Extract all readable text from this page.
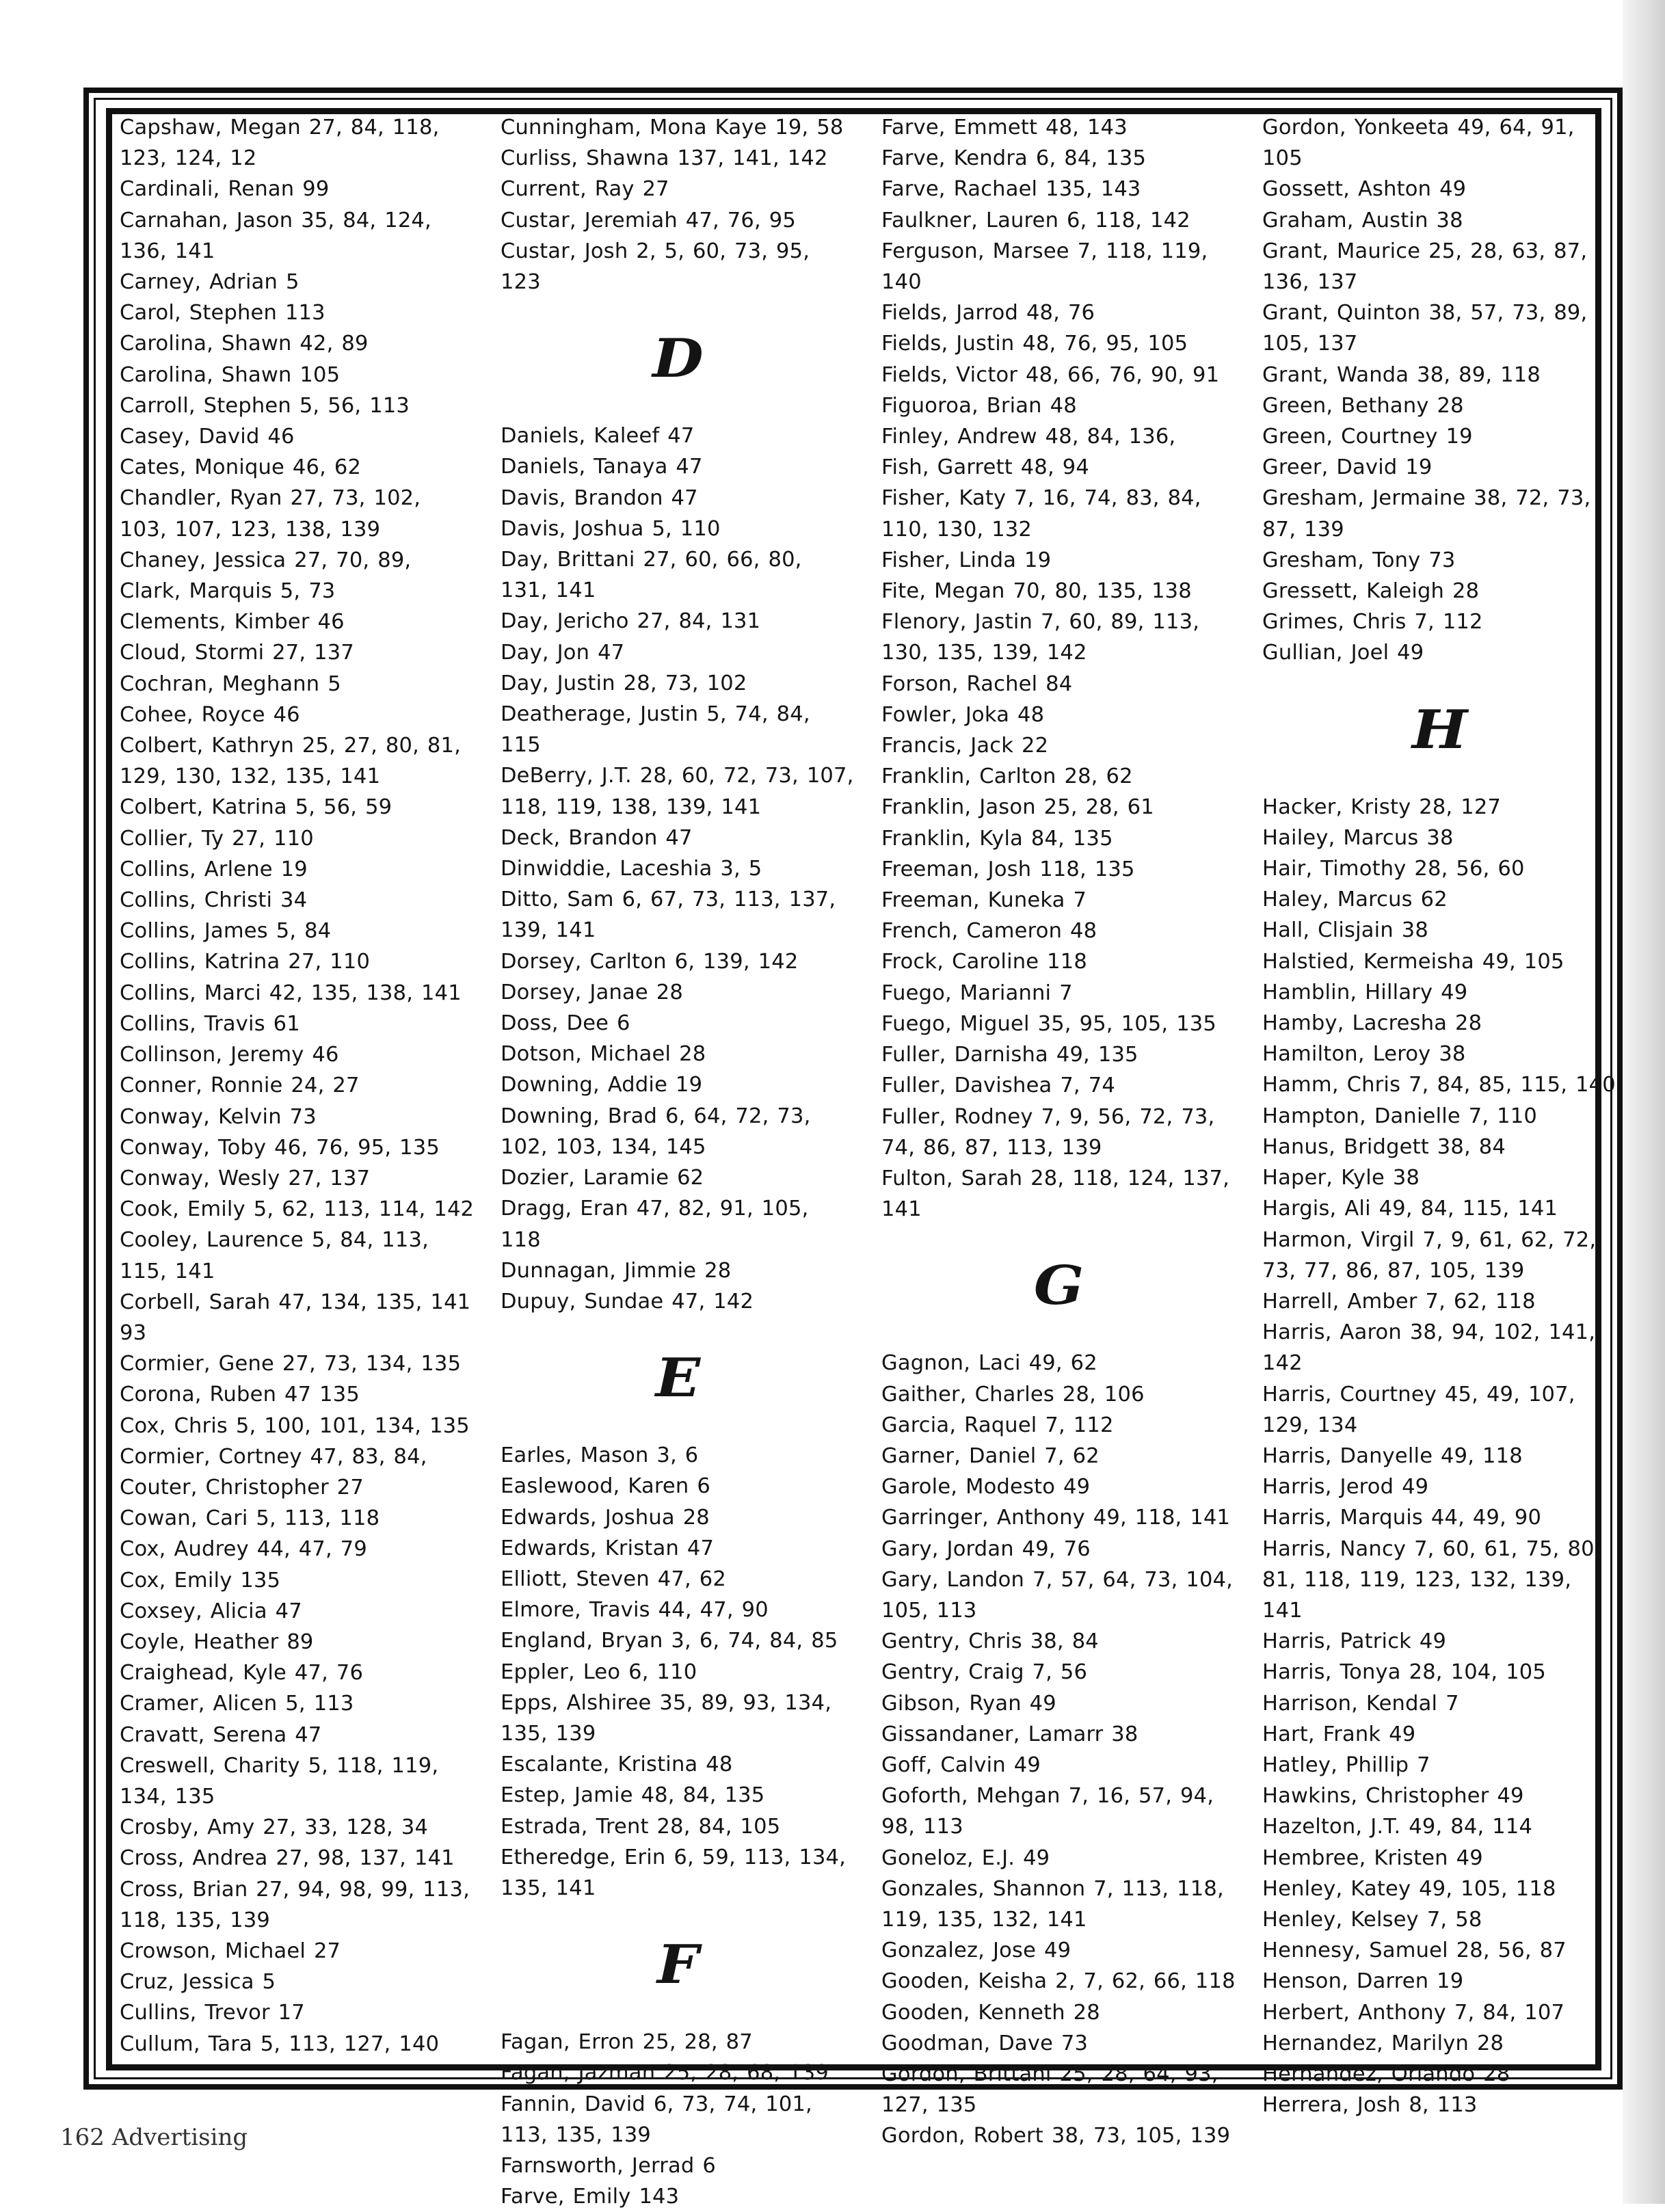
Capshaw, Megan 27, 84, 118, 123, 124, 12
Cardinali, Renan 99
Carnahan, Jason 35, 84, 124, 136, 141
Carney, Adrian 5
Carol, Stephen 113
Carolina, Shawn 42, 89
Carolina, Shawn 105
Carroll, Stephen 5, 56, 113
Casey, David 46
Cates, Monique 46, 62
Chandler, Ryan 27, 73, 102, 103, 107, 123, 138, 139
Chaney, Jessica 27, 70, 89,
Clark, Marquis 5, 73
Clements, Kimber 46
Cloud, Stormi 27, 137
Cochran, Meghann 5
Cohee, Royce 46
Colbert, Kathryn 25, 27, 80, 81, 129, 130, 132, 135, 141
Colbert, Katrina 5, 56, 59
Collier, Ty 27, 110
Collins, Arlene 19
Collins, Christi 34
Collins, James 5, 84
Collins, Katrina 27, 110
Collins, Marci 42, 135, 138, 141
Collins, Travis 61
Collinson, Jeremy 46
Conner, Ronnie 24, 27
Conway, Kelvin 73
Conway, Toby 46, 76, 95, 135
Conway, Wesly 27, 137
Cook, Emily 5, 62, 113, 114, 142
Cooley, Laurence 5, 84, 113, 115, 141
Corbell, Sarah 47, 134, 135, 141 93
Cormier, Gene 27, 73, 134, 135
Corona, Ruben 47 135
Cox, Chris 5, 100, 101, 134, 135
Cormier, Cortney 47, 83, 84,
Couter, Christopher 27
Cowan, Cari 5, 113, 118
Cox, Audrey 44, 47, 79
Cox, Emily 135
Coxsey, Alicia 47
Coyle, Heather 89
Craighead, Kyle 47, 76
Cramer, Alicen 5, 113
Cravatt, Serena 47
Creswell, Charity 5, 118, 119, 134, 135
Crosby, Amy 27, 33, 128, 34
Cross, Andrea 27, 98, 137, 141
Cross, Brian 27, 94, 98, 99, 113, 118, 135, 139
Crowson, Michael 27
Cruz, Jessica 5
Cullins, Trevor 17
Cullum, Tara 5, 113, 127, 140
Cunningham, Mona Kaye 19, 58
Curliss, Shawna 137, 141, 142
Current, Ray 27
Custar, Jeremiah 47, 76, 95
Custar, Josh 2, 5, 60, 73, 95, 123
D
Daniels, Kaleef 47
Daniels, Tanaya 47
Davis, Brandon 47
Davis, Joshua 5, 110
Day, Brittani 27, 60, 66, 80, 131, 141
Day, Jericho 27, 84, 131
Day, Jon 47
Day, Justin 28, 73, 102
Deatherage, Justin 5, 74, 84, 115
DeBerry, J.T. 28, 60, 72, 73, 107, 118, 119, 138, 139, 141
Deck, Brandon 47
Dinwiddie, Laceshia 3, 5
Ditto, Sam 6, 67, 73, 113, 137, 139, 141
Dorsey, Carlton 6, 139, 142
Dorsey, Janae 28
Doss, Dee 6
Dotson, Michael 28
Downing, Addie 19
Downing, Brad 6, 64, 72, 73, 102, 103, 134, 145
Dozier, Laramie 62
Dragg, Eran 47, 82, 91, 105, 118
Dunnagan, Jimmie 28
Dupuy, Sundae 47, 142
E
Earles, Mason 3, 6
Easlewood, Karen 6
Edwards, Joshua 28
Edwards, Kristan 47
Elliott, Steven 47, 62
Elmore, Travis 44, 47, 90
England, Bryan 3, 6, 74, 84, 85
Eppler, Leo 6, 110
Epps, Alshiree 35, 89, 93, 134, 135, 139
Escalante, Kristina 48
Estep, Jamie 48, 84, 135
Estrada, Trent 28, 84, 105
Etheredge, Erin 6, 59, 113, 134, 135, 141
F
Fagan, Erron 25, 28, 87
Fagan, Jazman 25, 28, 68, 139
Fannin, David 6, 73, 74, 101, 113, 135, 139
Farnsworth, Jerrad 6
Farve, Emily 143
Farve, Emmett 48, 143
Farve, Kendra 6, 84, 135
Farve, Rachael 135, 143
Faulkner, Lauren 6, 118, 142
Ferguson, Marsee 7, 118, 119, 140
Fields, Jarrod 48, 76
Fields, Justin 48, 76, 95, 105
Fields, Victor 48, 66, 76, 90, 91
Figuoroa, Brian 48
Finley, Andrew 48, 84, 136,
Fish, Garrett 48, 94
Fisher, Katy 7, 16, 74, 83, 84, 110, 130, 132
Fisher, Linda 19
Fite, Megan 70, 80, 135, 138
Flenory, Jastin 7, 60, 89, 113, 130, 135, 139, 142
Forson, Rachel 84
Fowler, Joka 48
Francis, Jack 22
Franklin, Carlton 28, 62
Franklin, Jason 25, 28, 61
Franklin, Kyla 84, 135
Freeman, Josh 118, 135
Freeman, Kuneka 7
French, Cameron 48
Frock, Caroline 118
Fuego, Marianni 7
Fuego, Miguel 35, 95, 105, 135
Fuller, Darnisha 49, 135
Fuller, Davishea 7, 74
Fuller, Rodney 7, 9, 56, 72, 73, 74, 86, 87, 113, 139
Fulton, Sarah 28, 118, 124, 137, 141
G
Gagnon, Laci 49, 62
Gaither, Charles 28, 106
Garcia, Raquel 7, 112
Garner, Daniel 7, 62
Garole, Modesto 49
Garringer, Anthony 49, 118, 141
Gary, Jordan 49, 76
Gary, Landon 7, 57, 64, 73, 104, 105, 113
Gentry, Chris 38, 84
Gentry, Craig 7, 56
Gibson, Ryan 49
Gissandaner, Lamarr 38
Goff, Calvin 49
Goforth, Mehgan 7, 16, 57, 94, 98, 113
Goneloz, E.J. 49
Gonzales, Shannon 7, 113, 118, 119, 135, 132, 141
Gonzalez, Jose 49
Gooden, Keisha 2, 7, 62, 66, 118
Gooden, Kenneth 28
Goodman, Dave 73
Gordon, Brittani 25, 28, 64, 93, 127, 135
Gordon, Robert 38, 73, 105, 139
Gordon, Yonkeeta 49, 64, 91, 105
Gossett, Ashton 49
Graham, Austin 38
Grant, Maurice 25, 28, 63, 87, 136, 137
Grant, Quinton 38, 57, 73, 89, 105, 137
Grant, Wanda 38, 89, 118
Green, Bethany 28
Green, Courtney 19
Greer, David 19
Gresham, Jermaine 38, 72, 73, 87, 139
Gresham, Tony 73
Gressett, Kaleigh 28
Grimes, Chris 7, 112
Gullian, Joel 49
H
Hacker, Kristy 28, 127
Hailey, Marcus 38
Hair, Timothy 28, 56, 60
Haley, Marcus 62
Hall, Clisjain 38
Halstied, Kermeisha 49, 105
Hamblin, Hillary 49
Hamby, Lacresha 28
Hamilton, Leroy 38
Hamm, Chris 7, 84, 85, 115, 140
Hampton, Danielle 7, 110
Hanus, Bridgett 38, 84
Haper, Kyle 38
Hargis, Ali 49, 84, 115, 141
Harmon, Virgil 7, 9, 61, 62, 72, 73, 77, 86, 87, 105, 139
Harrell, Amber 7, 62, 118
Harris, Aaron 38, 94, 102, 141, 142
Harris, Courtney 45, 49, 107, 129, 134
Harris, Danyelle 49, 118
Harris, Jerod 49
Harris, Marquis 44, 49, 90
Harris, Nancy 7, 60, 61, 75, 80, 81, 118, 119, 123, 132, 139, 141
Harris, Patrick 49
Harris, Tonya 28, 104, 105
Harrison, Kendal 7
Hart, Frank 49
Hatley, Phillip 7
Hawkins, Christopher 49
Hazelton, J.T. 49, 84, 114
Hembree, Kristen 49
Henley, Katey 49, 105, 118
Henley, Kelsey 7, 58
Hennesy, Samuel 28, 56, 87
Henson, Darren 19
Herbert, Anthony 7, 84, 107
Hernandez, Marilyn 28
Hernandez, Orlando 28
Herrera, Josh 8, 113
162 Advertising
